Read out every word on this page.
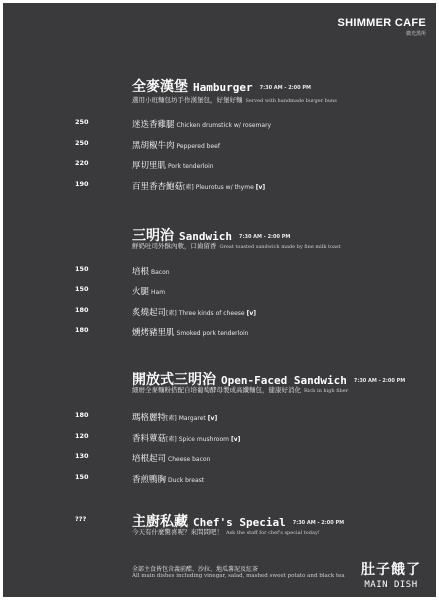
SHIMMER CAFE
微光黑所
全麥漢堡 Hamburger 7:30 AM - 2:00 PM
選用小班麵包坊手作漢堡包，好堡好麵 Served with handmade burger buns
250	迷迭香雞腿 Chicken drumstick w/ rosemary
250	黑胡椒牛肉 Peppered beef
220	厚切里肌 Pork tenderloin
190	百里香杏鮑菇[素] Pleurotus w/ thyme [v]
三明治 Sandwich 7:30 AM - 2:00 PM
鮮奶吐司外酥內軟，口齒留香 Great toasted sandwich made by fine milk toast
150	培根 Bacon
150	火腿 Ham
180	炙燒起司[素] Three kinds of cheese [v]
180	燻烤豬里肌 Smoked pork tenderloin
開放式三明治 Open-Faced Sandwich 7:30 AM - 2:00 PM
細磨全麥麵粉搭配自培葡萄酵母製成高纖麵包，健康好消化 Rich in high fiber
180	瑪格麗特[素] Margaret [v]
120	香料蕈菇[素] Spice mushroom [v]
130	培根起司 Cheese bacon
150	香煎鴨胸 Duck breast
主廚私藏 Chef's Special 7:30 AM - 2:00 PM
???
今天有什麼驚喜呢？來問問吧！ Ask the staff for chef's special today!
全部主食皆包含義前醋、沙拉、地瓜薯泥及紅茶
All main dishes including vinegar, salad, mashed sweet potato and black tea 肚子餓了
MAIN DISH
